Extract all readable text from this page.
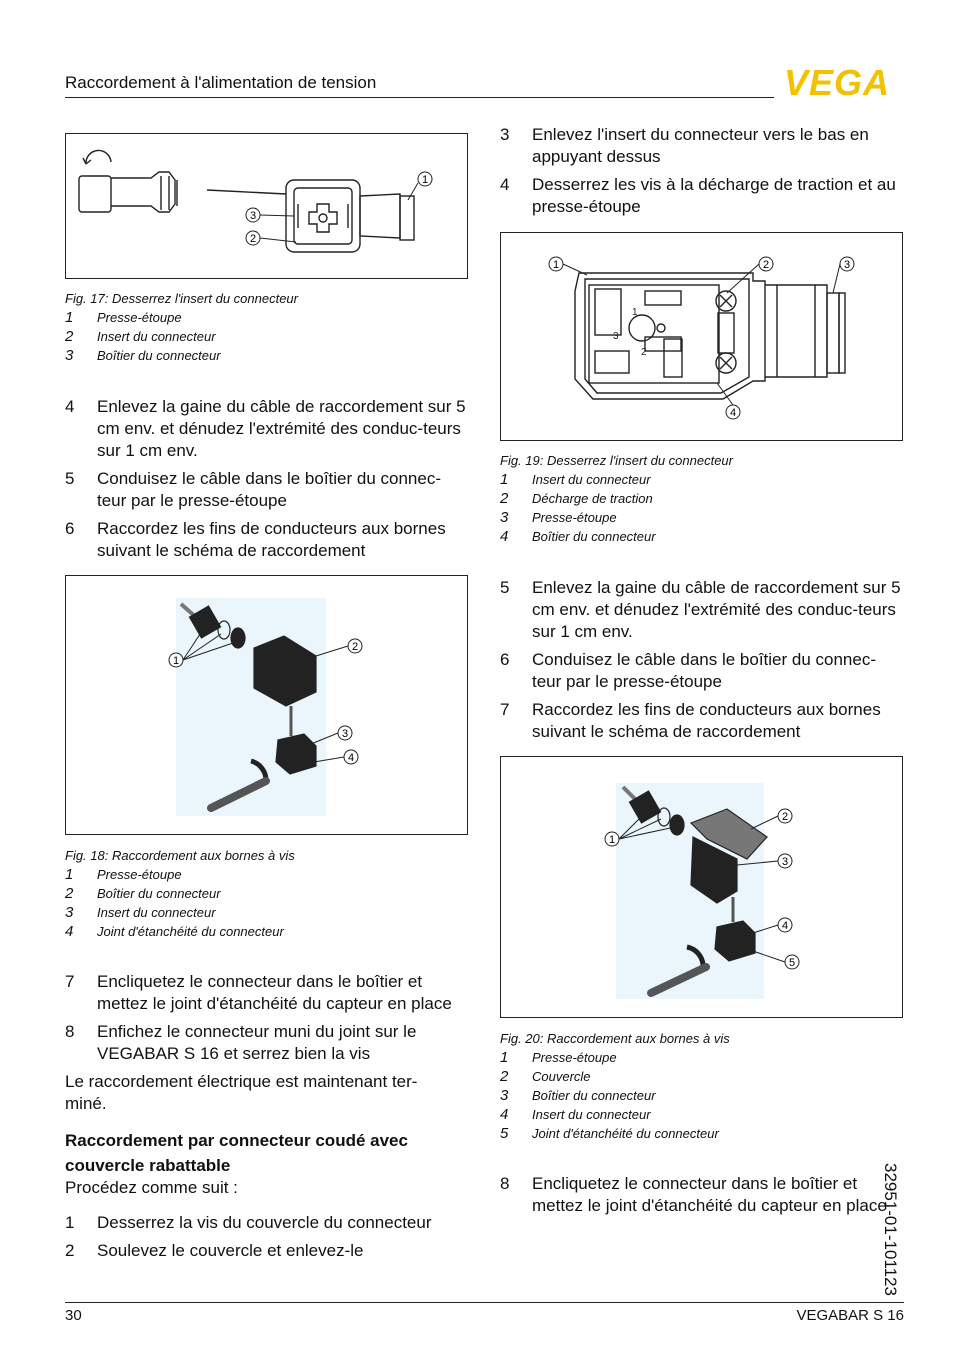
Raccordement à l'alimentation de tension	VEGA
1
3
2
Fig. 17: Desserrez l'insert du connecteur
1	Presse-étoupe
2	Insert du connecteur
3	Boîtier du connecteur
4	Enlevez la gaine du câble de raccordement sur 5 cm env. et dénudez l'extrémité des conduc-teurs sur 1 cm env.
5	Conduisez le câble dans le boîtier du connec-teur par le presse-étoupe
6	Raccordez les fins de conducteurs aux bornes suivant le schéma de raccordement
1
2
3
4
Fig. 18: Raccordement aux bornes à vis
1	Presse-étoupe
2	Boîtier du connecteur
3	Insert du connecteur
4	Joint d'étanchéité du connecteur
7	Encliquetez le connecteur dans le boîtier et mettez le joint d'étanchéité du capteur en place
8	Enfichez le connecteur muni du joint sur le VEGABAR S 16 et serrez bien la vis
Le raccordement électrique est maintenant ter-miné.
Raccordement par connecteur coudé avec
couvercle rabattable
Procédez comme suit :
1	Desserrez la vis du couvercle du connecteur
2	Soulevez le couvercle et enlevez-le
3	Enlevez l'insert du connecteur vers le bas en appuyant dessus
4	Desserrez les vis à la décharge de traction et au presse-étoupe
1
3
2
1	2	3
4
Fig. 19: Desserrez l'insert du connecteur
1	Insert du connecteur
2	Décharge de traction
3	Presse-étoupe
4	Boîtier du connecteur
5	Enlevez la gaine du câble de raccordement sur 5 cm env. et dénudez l'extrémité des conduc-teurs sur 1 cm env.
6	Conduisez le câble dans le boîtier du connec-teur par le presse-étoupe
7	Raccordez les fins de conducteurs aux bornes suivant le schéma de raccordement
1
2
3
4
5
Fig. 20: Raccordement aux bornes à vis
1	Presse-étoupe
2	Couvercle
3	Boîtier du connecteur
4	Insert du connecteur
5	Joint d'étanchéité du connecteur
8	Encliquetez le connecteur dans le boîtier et mettez le joint d'étanchéité du capteur en place
32951-01-101123
30	VEGABAR S 16
